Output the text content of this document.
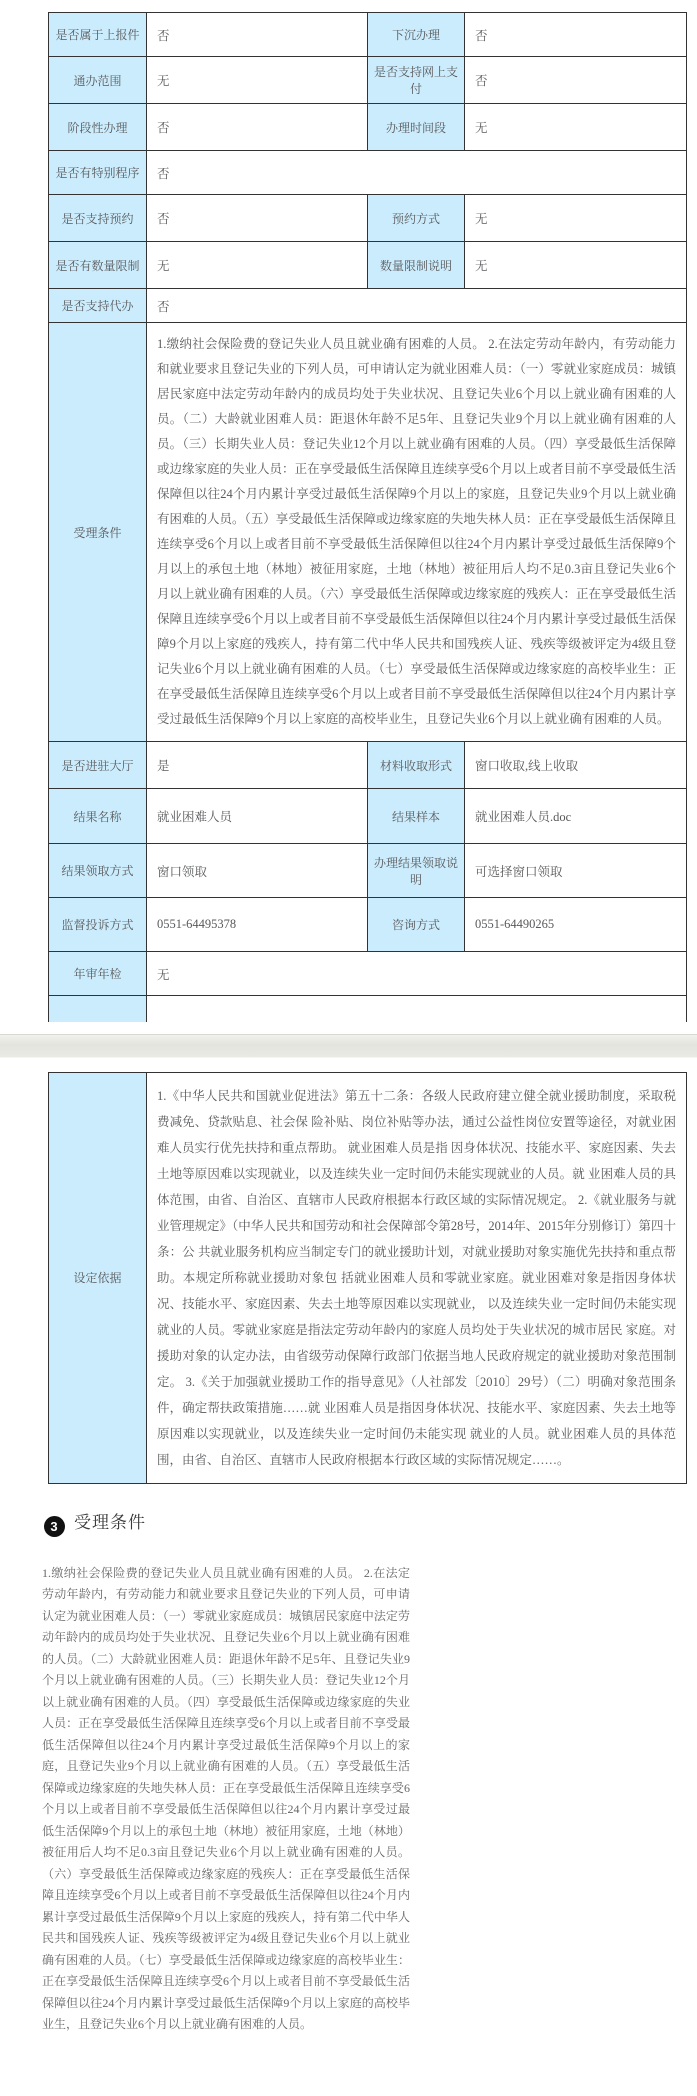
是否属于上报件	否	下沉办理	否
通办范围	无	是否支持网上支付	否
阶段性办理	否	办理时间段	无
是否有特别程序	否		
是否支持预约	否	预约方式	无
是否有数量限制	无	数量限制说明	无
是否支持代办	否		
受理条件	1.缴纳社会保险费的登记失业人员且就业确有困难的人员。 2.在法定劳动年龄内，有劳动能力和就业要求且登记失业的下列人员，可申请认定为就业困难人员：（一）零就业家庭成员：城镇居民家庭中法定劳动年龄内的成员均处于失业状况、且登记失业6个月以上就业确有困难的人员。（二）大龄就业困难人员：距退休年龄不足5年、且登记失业9个月以上就业确有困难的人员。（三）长期失业人员：登记失业12个月以上就业确有困难的人员。（四）享受最低生活保障或边缘家庭的失业人员：正在享受最低生活保障且连续享受6个月以上或者目前不享受最低生活保障但以往24个月内累计享受过最低生活保障9个月以上的家庭，且登记失业9个月以上就业确有困难的人员。（五）享受最低生活保障或边缘家庭的失地失林人员：正在享受最低生活保障且连续享受6个月以上或者目前不享受最低生活保障但以往24个月内累计享受过最低生活保障9个月以上的承包土地（林地）被征用家庭，土地（林地）被征用后人均不足0.3亩且登记失业6个月以上就业确有困难的人员。（六）享受最低生活保障或边缘家庭的残疾人：正在享受最低生活保障且连续享受6个月以上或者目前不享受最低生活保障但以往24个月内累计享受过最低生活保障9个月以上家庭的残疾人，持有第二代中华人民共和国残疾人证、残疾等级被评定为4级且登记失业6个月以上就业确有困难的人员。（七）享受最低生活保障或边缘家庭的高校毕业生：正在享受最低生活保障且连续享受6个月以上或者目前不享受最低生活保障但以往24个月内累计享受过最低生活保障9个月以上家庭的高校毕业生，且登记失业6个月以上就业确有困难的人员。		
是否进驻大厅	是	材料收取形式	窗口收取,线上收取
结果名称	就业困难人员	结果样本	就业困难人员.doc
结果领取方式	窗口领取	办理结果领取说明	可选择窗口领取
监督投诉方式	0551-64495378	咨询方式	0551-64490265
年审年检	无		

设定依据	1.《中华人民共和国就业促进法》第五十二条：各级人民政府建立健全就业援助制度，采取税费减免、贷款贴息、社会保 险补贴、岗位补贴等办法，通过公益性岗位安置等途径，对就业困难人员实行优先扶持和重点帮助。 就业困难人员是指 因身体状况、技能水平、家庭因素、失去土地等原因难以实现就业，以及连续失业一定时间仍未能实现就业的人员。就 业困难人员的具体范围，由省、自治区、直辖市人民政府根据本行政区域的实际情况规定。 2.《就业服务与就业管理规定》（中华人民共和国劳动和社会保障部令第28号，2014年、2015年分别修订）第四十条：公 共就业服务机构应当制定专门的就业援助计划，对就业援助对象实施优先扶持和重点帮助。本规定所称就业援助对象包 括就业困难人员和零就业家庭。就业困难对象是指因身体状况、技能水平、家庭因素、失去土地等原因难以实现就业， 以及连续失业一定时间仍未能实现就业的人员。零就业家庭是指法定劳动年龄内的家庭人员均处于失业状况的城市居民 家庭。对援助对象的认定办法，由省级劳动保障行政部门依据当地人民政府规定的就业援助对象范围制定。 3.《关于加强就业援助工作的指导意见》（人社部发〔2010〕29号）（二）明确对象范围条件，确定帮扶政策措施……就 业困难人员是指因身体状况、技能水平、家庭因素、失去土地等原因难以实现就业，以及连续失业一定时间仍未能实现 就业的人员。就业困难人员的具体范围，由省、自治区、直辖市人民政府根据本行政区域的实际情况规定……。
3 受理条件
1.缴纳社会保险费的登记失业人员且就业确有困难的人员。 2.在法定劳动年龄内，有劳动能力和就业要求且登记失业的下列人员，可申请认定为就业困难人员：（一）零就业家庭成员：城镇居民家庭中法定劳动年龄内的成员均处于失业状况、且登记失业6个月以上就业确有困难的人员。（二）大龄就业困难人员：距退休年龄不足5年、且登记失业9个月以上就业确有困难的人员。（三）长期失业人员：登记失业12个月以上就业确有困难的人员。（四）享受最低生活保障或边缘家庭的失业人员：正在享受最低生活保障且连续享受6个月以上或者目前不享受最低生活保障但以往24个月内累计享受过最低生活保障9个月以上的家庭，且登记失业9个月以上就业确有困难的人员。（五）享受最低生活保障或边缘家庭的失地失林人员：正在享受最低生活保障且连续享受6个月以上或者目前不享受最低生活保障但以往24个月内累计享受过最低生活保障9个月以上的承包土地（林地）被征用家庭，土地（林地）被征用后人均不足0.3亩且登记失业6个月以上就业确有困难的人员。（六）享受最低生活保障或边缘家庭的残疾人：正在享受最低生活保障且连续享受6个月以上或者目前不享受最低生活保障但以往24个月内累计享受过最低生活保障9个月以上家庭的残疾人，持有第二代中华人民共和国残疾人证、残疾等级被评定为4级且登记失业6个月以上就业确有困难的人员。（七）享受最低生活保障或边缘家庭的高校毕业生：正在享受最低生活保障且连续享受6个月以上或者目前不享受最低生活保障但以往24个月内累计享受过最低生活保障9个月以上家庭的高校毕业生，且登记失业6个月以上就业确有困难的人员。
